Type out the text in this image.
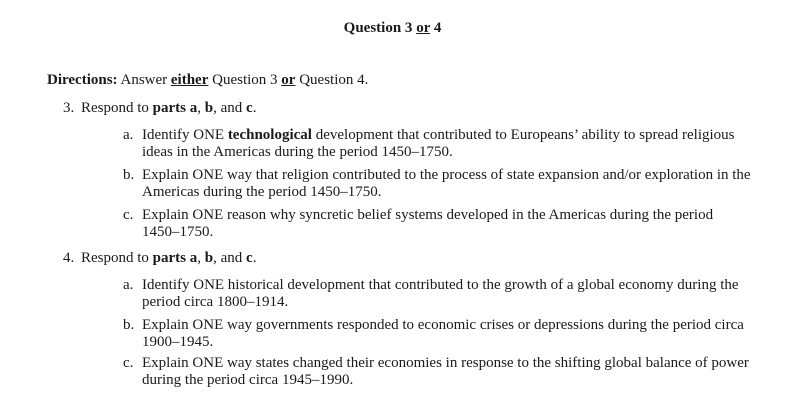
Question 3 or 4
Directions: Answer either Question 3 or Question 4.
3. Respond to parts a, b, and c.
a. Identify ONE technological development that contributed to Europeans’ ability to spread religious ideas in the Americas during the period 1450–1750.
b. Explain ONE way that religion contributed to the process of state expansion and/or exploration in the Americas during the period 1450–1750.
c. Explain ONE reason why syncretic belief systems developed in the Americas during the period 1450–1750.
4. Respond to parts a, b, and c.
a. Identify ONE historical development that contributed to the growth of a global economy during the period circa 1800–1914.
b. Explain ONE way governments responded to economic crises or depressions during the period circa 1900–1945.
c. Explain ONE way states changed their economies in response to the shifting global balance of power during the period circa 1945–1990.
